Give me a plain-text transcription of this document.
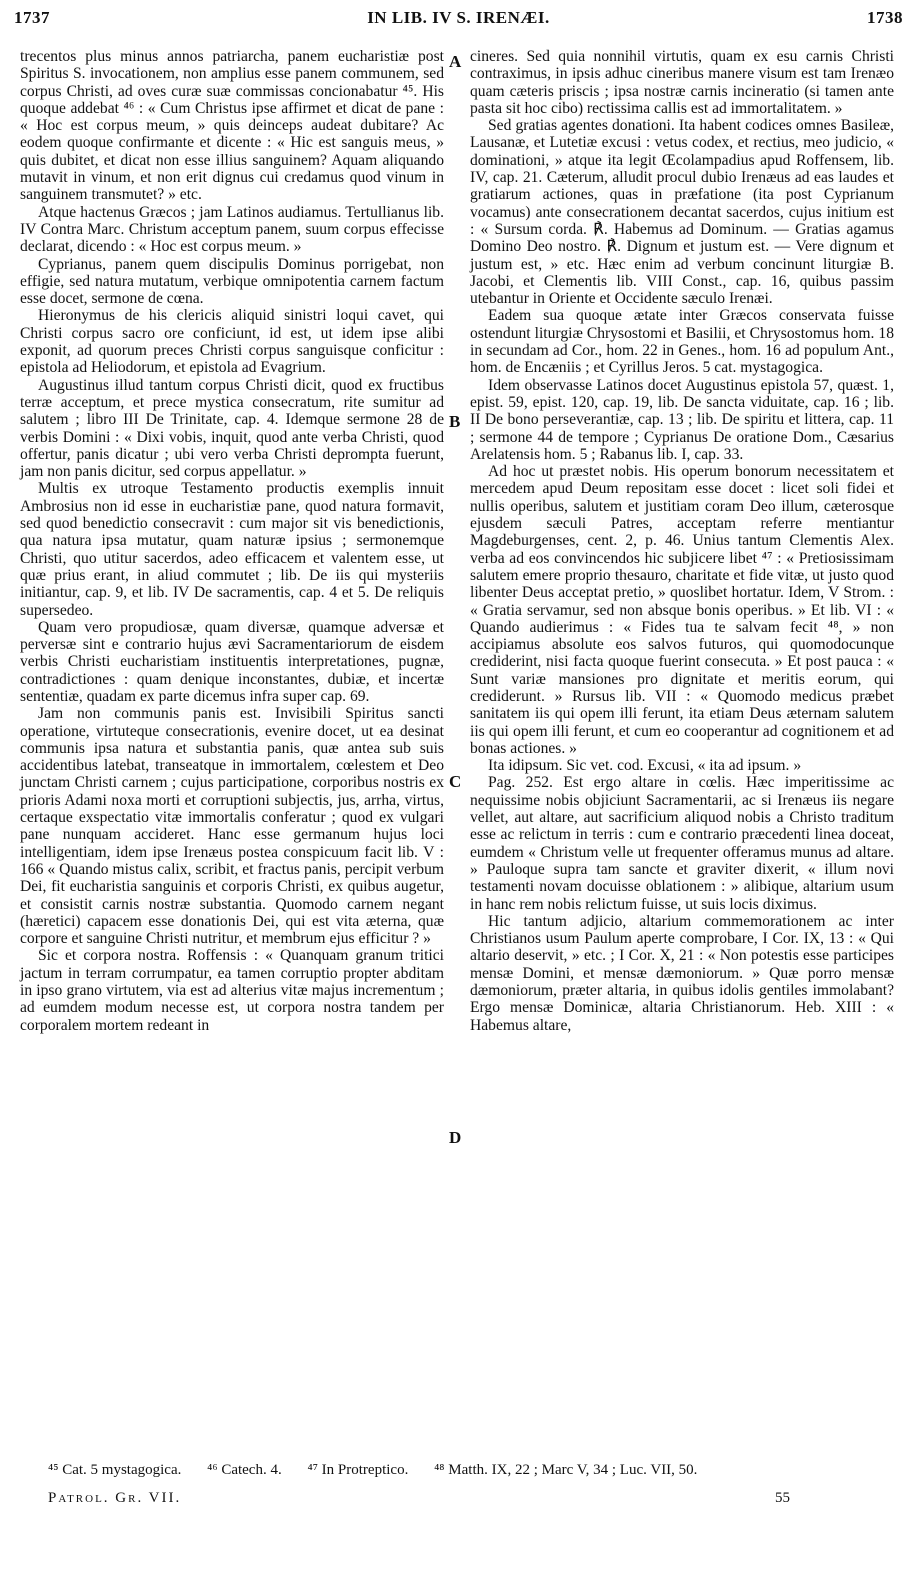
1737	IN LIB. IV S. IRENÆI.	1738
A
B
C
D

trecentos plus minus annos patriarcha, panem eucharistiæ post Spiritus S. invocationem, non amplius esse panem communem, sed corpus Christi, ad oves curæ suæ commissas concionabatur ⁴⁵. His quoque addebat ⁴⁶ : « Cum Christus ipse affirmet et dicat de pane : « Hoc est corpus meum, » quis deinceps audeat dubitare? Ac eodem quoque confirmante et dicente : « Hic est sanguis meus, » quis dubitet, et dicat non esse illius sanguinem? Aquam aliquando mutavit in vinum, et non erit dignus cui credamus quod vinum in sanguinem transmutet? » etc.

Atque hactenus Græcos ; jam Latinos audiamus. Tertullianus lib. IV Contra Marc. Christum acceptum panem, suum corpus effecisse declarat, dicendo : « Hoc est corpus meum. »

Cyprianus, panem quem discipulis Dominus porrigebat, non effigie, sed natura mutatum, verbique omnipotentia carnem factum esse docet, sermone de cœna.

Hieronymus de his clericis aliquid sinistri loqui cavet, qui Christi corpus sacro ore conficiunt, id est, ut idem ipse alibi exponit, ad quorum preces Christi corpus sanguisque conficitur : epistola ad Heliodorum, et epistola ad Evagrium.

Augustinus illud tantum corpus Christi dicit, quod ex fructibus terræ acceptum, et prece mystica consecratum, rite sumitur ad salutem ; libro III De Trinitate, cap. 4. Idemque sermone 28 de verbis Domini : « Dixi vobis, inquit, quod ante verba Christi, quod offertur, panis dicatur ; ubi vero verba Christi deprompta fuerunt, jam non panis dicitur, sed corpus appellatur. »

Multis ex utroque Testamento productis exemplis innuit Ambrosius non id esse in eucharistiæ pane, quod natura formavit, sed quod benedictio consecravit : cum major sit vis benedictionis, qua natura ipsa mutatur, quam naturæ ipsius ; sermonemque Christi, quo utitur sacerdos, adeo efficacem et valentem esse, ut quæ prius erant, in aliud commutet ; lib. De iis qui mysteriis initiantur, cap. 9, et lib. IV De sacramentis, cap. 4 et 5. De reliquis supersedeo.

Quam vero propudiosæ, quam diversæ, quamque adversæ et perversæ sint e contrario hujus ævi Sacramentariorum de eisdem verbis Christi eucharistiam instituentis interpretationes, pugnæ, contradictiones : quam denique inconstantes, dubiæ, et incertæ sententiæ, quadam ex parte dicemus infra super cap. 69.

Jam non communis panis est. Invisibili Spiritus sancti operatione, virtuteque consecrationis, evenire docet, ut ea desinat communis ipsa natura et substantia panis, quæ antea sub suis accidentibus latebat, transeatque in immortalem, cœlestem et Deo junctam Christi carnem ; cujus participatione, corporibus nostris ex prioris Adami noxa morti et corruptioni subjectis, jus, arrha, virtus, certaque exspectatio vitæ immortalis conferatur ; quod ex vulgari pane nunquam accideret. Hanc esse germanum hujus loci intelligentiam, idem ipse Irenæus postea conspicuum facit lib. V : 166 « Quando mistus calix, scribit, et fractus panis, percipit verbum Dei, fit eucharistia sanguinis et corporis Christi, ex quibus augetur, et consistit carnis nostræ substantia. Quomodo carnem negant (hæretici) capacem esse donationis Dei, qui est vita æterna, quæ corpore et sanguine Christi nutritur, et membrum ejus efficitur ? »

Sic et corpora nostra. Roffensis : « Quanquam granum tritici jactum in terram corrumpatur, ea tamen corruptio propter abditam in ipso grano virtutem, via est ad alterius vitæ majus incrementum ; ad eumdem modum necesse est, ut corpora nostra tandem per corporalem mortem redeant in

cineres. Sed quia nonnihil virtutis, quam ex esu carnis Christi contraximus, in ipsis adhuc cineribus manere visum est tam Irenæo quam cæteris priscis ; ipsa nostræ carnis incineratio (si tamen ante pasta sit hoc cibo) rectissima callis est ad immortalitatem. »

Sed gratias agentes donationi. Ita habent codices omnes Basileæ, Lausanæ, et Lutetiæ excusi : vetus codex, et rectius, meo judicio, « dominationi, » atque ita legit Œcolampadius apud Roffensem, lib. IV, cap. 21. Cæterum, alludit procul dubio Irenæus ad eas laudes et gratiarum actiones, quas in præfatione (ita post Cyprianum vocamus) ante consecrationem decantat sacerdos, cujus initium est : « Sursum corda. ℟. Habemus ad Dominum. — Gratias agamus Domino Deo nostro. ℟. Dignum et justum est. — Vere dignum et justum est, » etc. Hæc enim ad verbum concinunt liturgiæ B. Jacobi, et Clementis lib. VIII Const., cap. 16, quibus passim utebantur in Oriente et Occidente sæculo Irenæi.

Eadem sua quoque ætate inter Græcos conservata fuisse ostendunt liturgiæ Chrysostomi et Basilii, et Chrysostomus hom. 18 in secundam ad Cor., hom. 22 in Genes., hom. 16 ad populum Ant., hom. de Encæniis ; et Cyrillus Jeros. 5 cat. mystagogica.

Idem observasse Latinos docet Augustinus epistola 57, quæst. 1, epist. 59, epist. 120, cap. 19, lib. De sancta viduitate, cap. 16 ; lib. II De bono perseverantiæ, cap. 13 ; lib. De spiritu et littera, cap. 11 ; sermone 44 de tempore ; Cyprianus De oratione Dom., Cæsarius Arelatensis hom. 5 ; Rabanus lib. I, cap. 33.

Ad hoc ut præstet nobis. His operum bonorum necessitatem et mercedem apud Deum repositam esse docet : licet soli fidei et nullis operibus, salutem et justitiam coram Deo illum, cæterosque ejusdem sæculi Patres, acceptam referre mentiantur Magdeburgenses, cent. 2, p. 46. Unius tantum Clementis Alex. verba ad eos convincendos hic subjicere libet ⁴⁷ : « Pretiosissimam salutem emere proprio thesauro, charitate et fide vitæ, ut justo quod libenter Deus acceptat pretio, » quoslibet hortatur. Idem, V Strom. : « Gratia servamur, sed non absque bonis operibus. » Et lib. VI : « Quando audierimus : « Fides tua te salvam fecit ⁴⁸, » non accipiamus absolute eos salvos futuros, qui quomodocunque crediderint, nisi facta quoque fuerint consecuta. » Et post pauca : « Sunt variæ mansiones pro dignitate et meritis eorum, qui crediderunt. » Rursus lib. VII : « Quomodo medicus præbet sanitatem iis qui opem illi ferunt, ita etiam Deus æternam salutem iis qui opem illi ferunt, et cum eo cooperantur ad cognitionem et ad bonas actiones. »

Ita idipsum. Sic vet. cod. Excusi, « ita ad ipsum. »

Pag. 252. Est ergo altare in cœlis. Hæc imperitissime ac nequissime nobis objiciunt Sacramentarii, ac si Irenæus iis negare vellet, aut altare, aut sacrificium aliquod nobis a Christo traditum esse ac relictum in terris : cum e contrario præcedenti linea doceat, eumdem « Christum velle ut frequenter offeramus munus ad altare. » Pauloque supra tam sancte et graviter dixerit, « illum novi testamenti novam docuisse oblationem : » alibique, altarium usum in hanc rem nobis relictum fuisse, ut suis locis diximus.

Hic tantum adjicio, altarium commemorationem ac inter Christianos usum Paulum aperte comprobare, I Cor. IX, 13 : « Qui altario deservit, » etc. ; I Cor. X, 21 : « Non potestis esse participes mensæ Domini, et mensæ dæmoniorum. » Quæ porro mensæ dæmoniorum, præter altaria, in quibus idolis gentiles immolabant? Ergo mensæ Dominicæ, altaria Christianorum. Heb. XIII : « Habemus altare,

⁴⁵ Cat. 5 mystagogica. ⁴⁶ Catech. 4. ⁴⁷ In Protreptico. ⁴⁸ Matth. IX, 22 ; Marc V, 34 ; Luc. VII, 50.
Patrol. Gr. VII.	55
